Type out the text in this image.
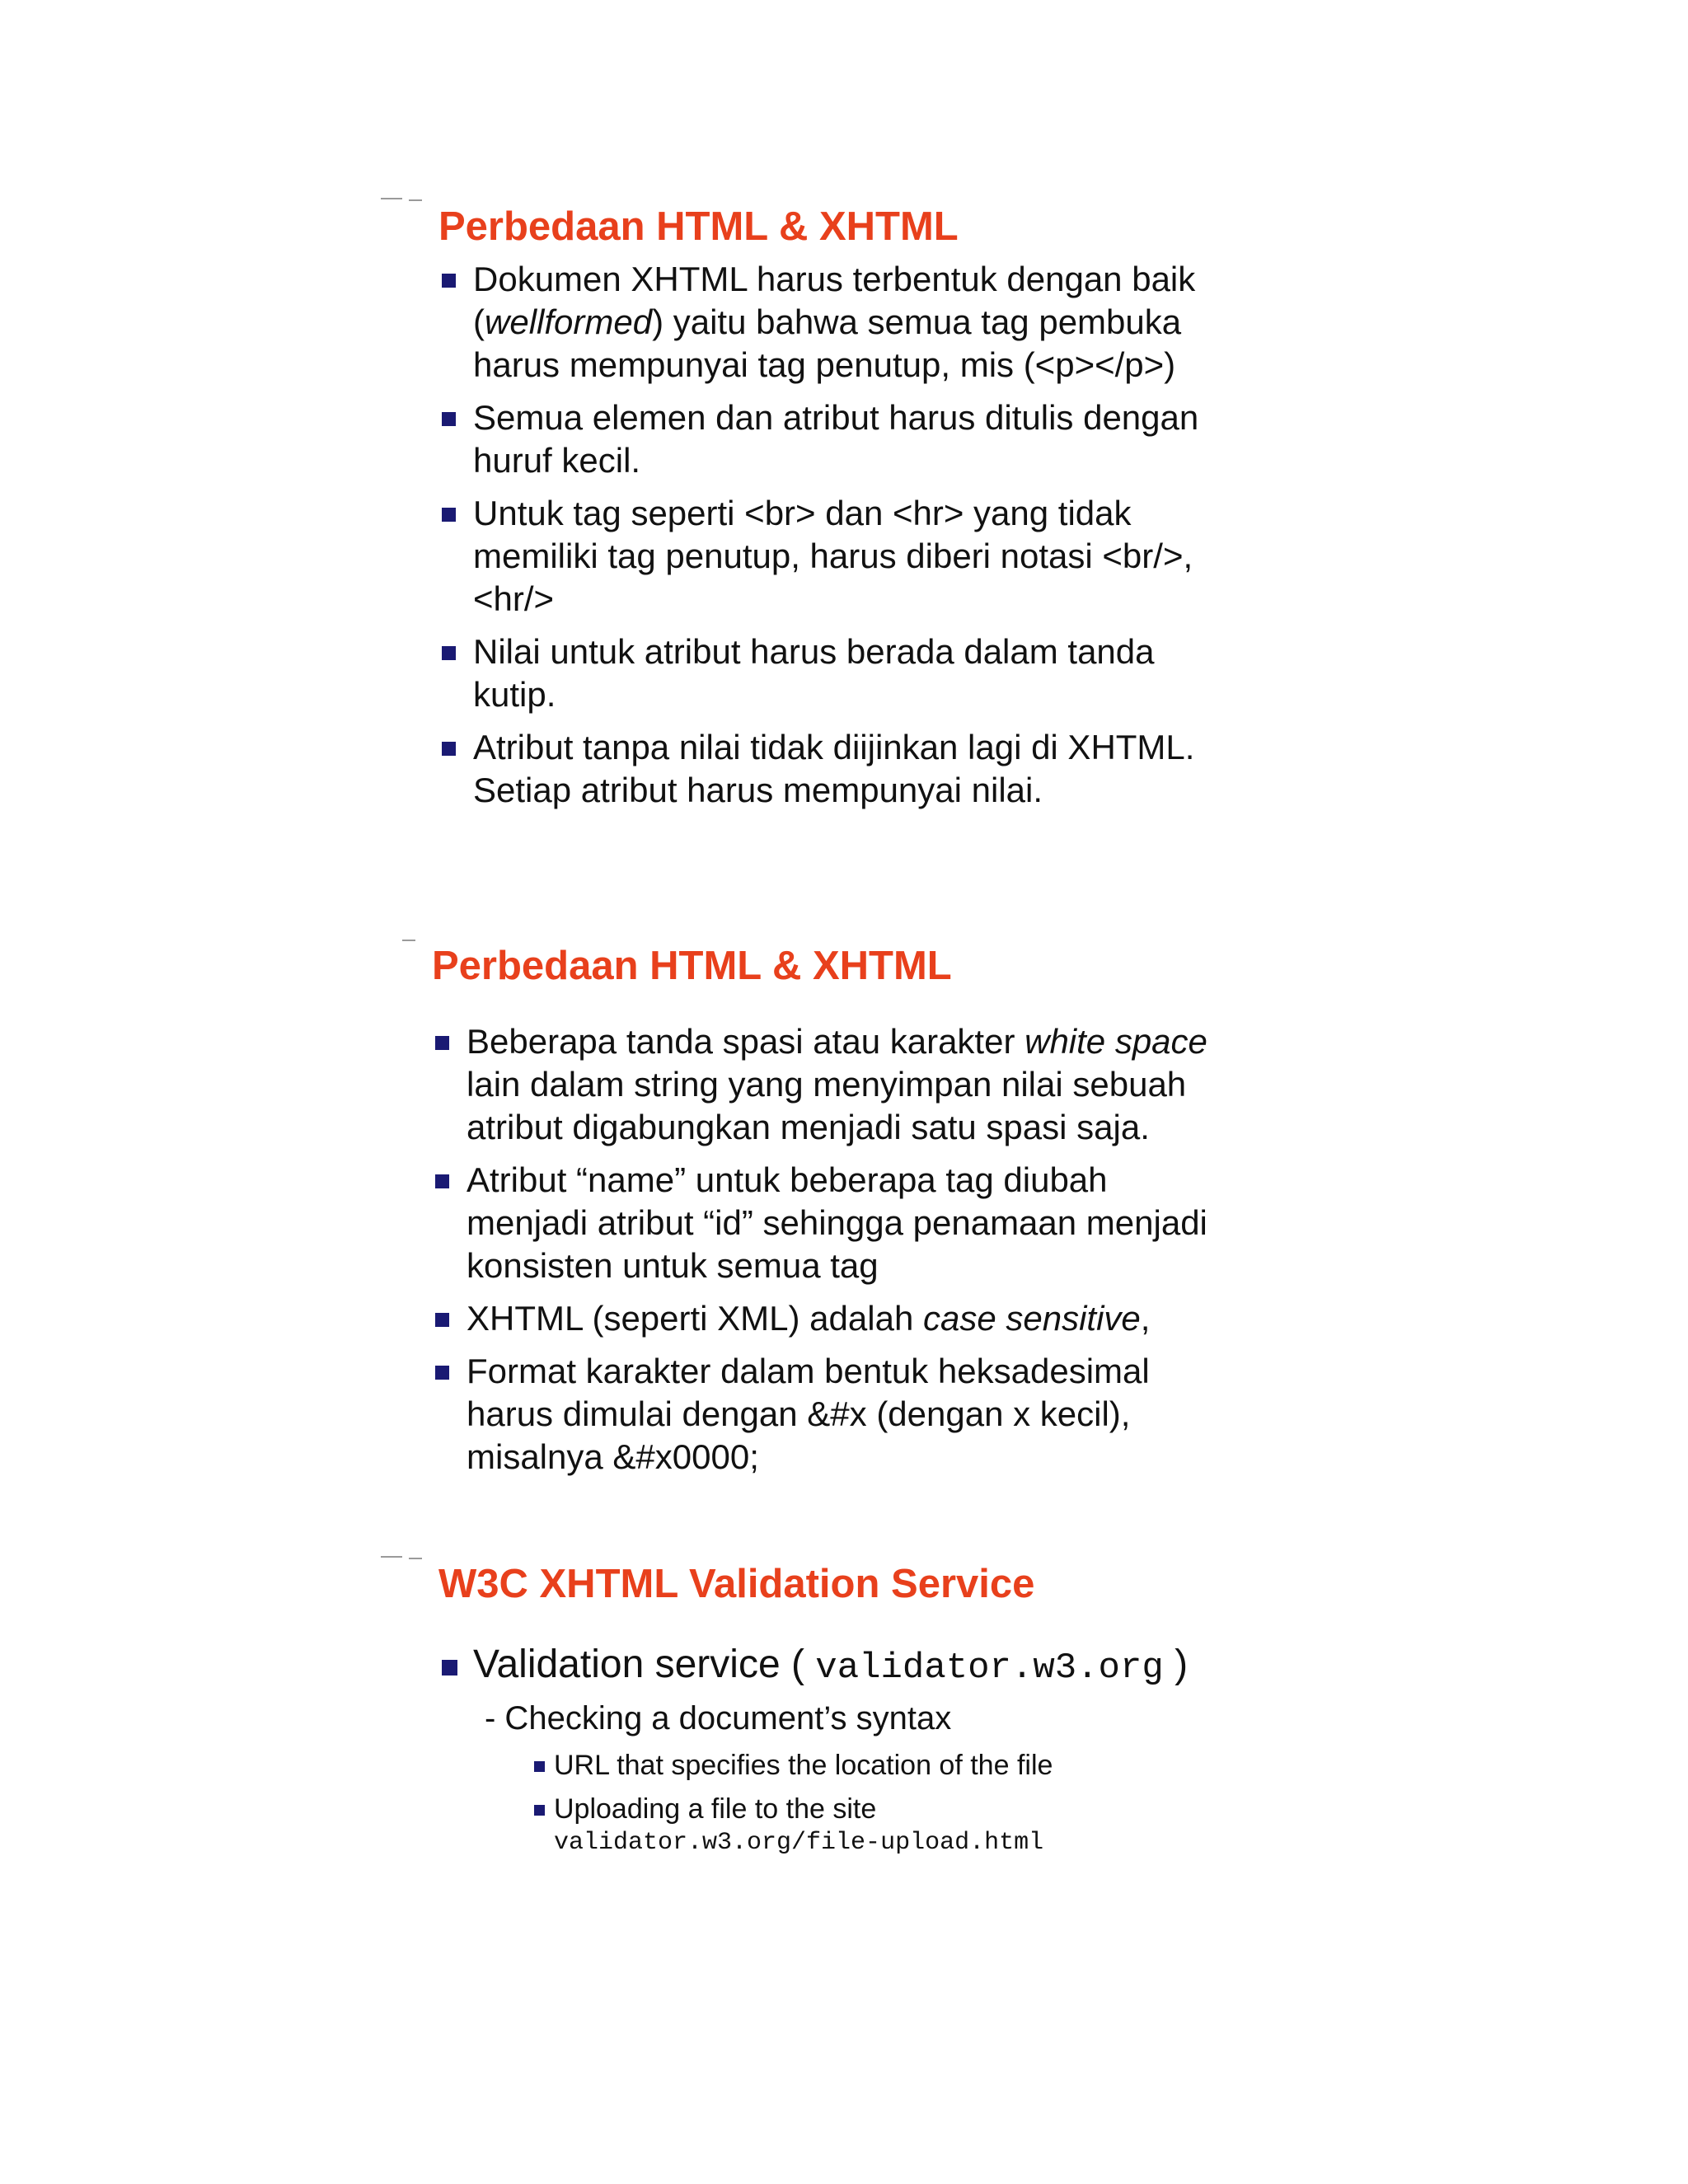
Perbedaan HTML & XHTML
Dokumen XHTML harus terbentuk dengan baik
(wellformed) yaitu bahwa semua tag pembuka
harus mempunyai tag penutup, mis (<p></p>)
Semua elemen dan atribut harus ditulis dengan
huruf kecil.
Untuk tag seperti <br> dan <hr> yang tidak
memiliki tag penutup, harus diberi notasi <br/>,
<hr/>
Nilai untuk atribut harus berada dalam tanda
kutip.
Atribut tanpa nilai tidak diijinkan lagi di XHTML.
Setiap atribut harus mempunyai nilai.
Perbedaan HTML & XHTML
Beberapa tanda spasi atau karakter white space
lain dalam string yang menyimpan nilai sebuah
atribut digabungkan menjadi satu spasi saja.
Atribut “name” untuk beberapa tag diubah
menjadi atribut “id” sehingga penamaan menjadi
konsisten untuk semua tag
XHTML (seperti XML) adalah case sensitive,
Format karakter dalam bentuk heksadesimal
harus dimulai dengan &#x (dengan x kecil),
misalnya &#x0000;
W3C XHTML Validation Service
Validation service ( validator.w3.org )
- Checking a document’s syntax
URL that specifies the location of the file
Uploading a file to the site
validator.w3.org/file-upload.html
